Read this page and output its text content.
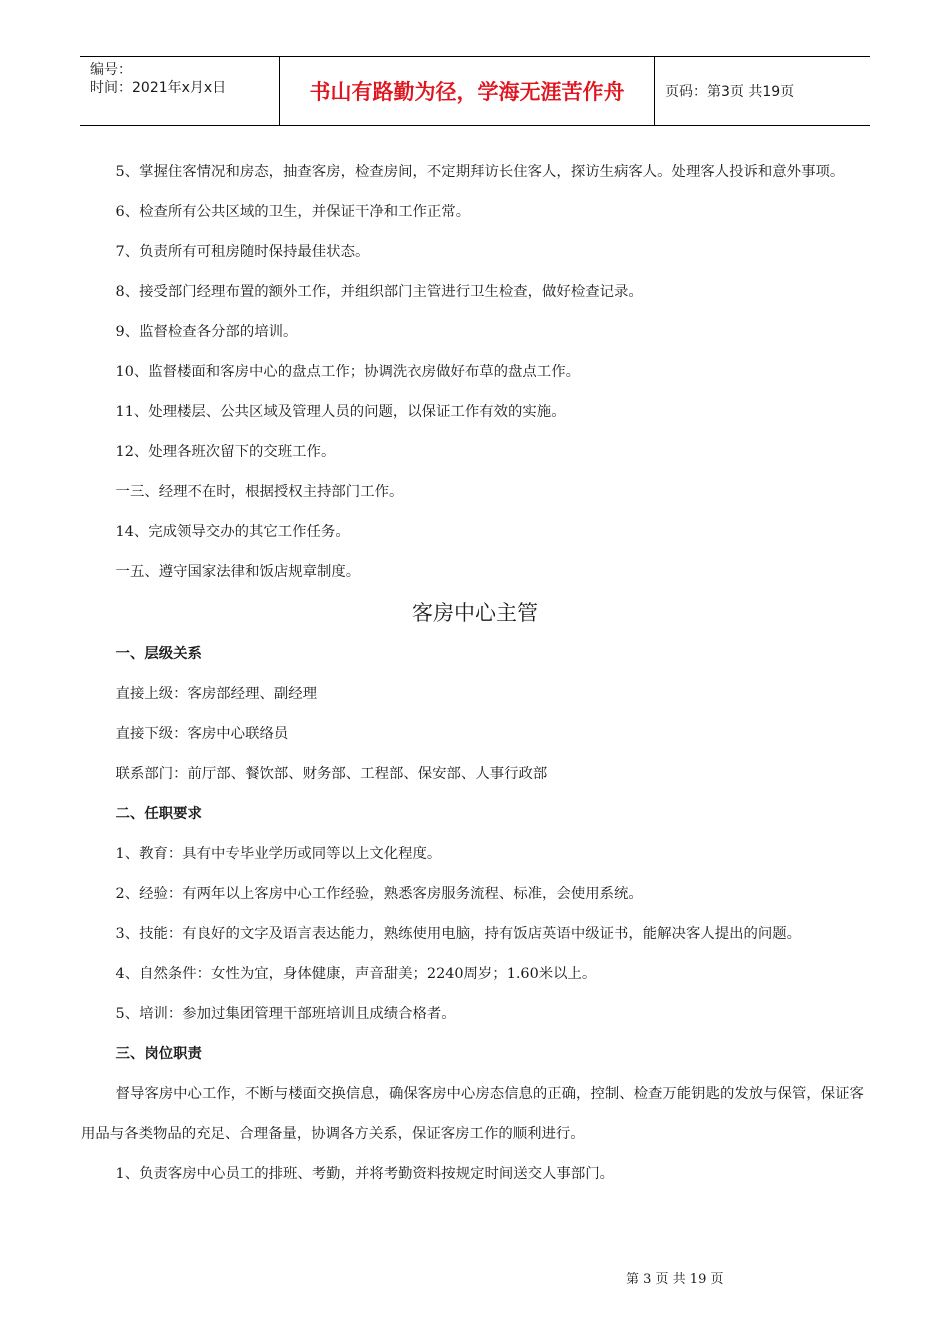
编号：
时间：2021年x月x日	书山有路勤为径，学海无涯苦作舟	页码：第3页 共19页

5、掌握住客情况和房态，抽查客房，检查房间，不定期拜访长住客人，探访生病客人。处理客人投诉和意外事项。

6、检查所有公共区域的卫生，并保证干净和工作正常。

7、负责所有可租房随时保持最佳状态。

8、接受部门经理布置的额外工作，并组织部门主管进行卫生检查，做好检查记录。

9、监督检查各分部的培训。

10、监督楼面和客房中心的盘点工作；协调洗衣房做好布草的盘点工作。

11、处理楼层、公共区域及管理人员的问题，以保证工作有效的实施。

12、处理各班次留下的交班工作。

一三、经理不在时，根据授权主持部门工作。

14、完成领导交办的其它工作任务。

一五、遵守国家法律和饭店规章制度。

客房中心主管
一、层级关系

直接上级：客房部经理、副经理

直接下级：客房中心联络员

联系部门：前厅部、餐饮部、财务部、工程部、保安部、人事行政部

二、任职要求

1、教育：具有中专毕业学历或同等以上文化程度。

2、经验：有两年以上客房中心工作经验，熟悉客房服务流程、标准，会使用系统。

3、技能：有良好的文字及语言表达能力，熟练使用电脑，持有饭店英语中级证书，能解决客人提出的问题。

4、自然条件：女性为宜，身体健康，声音甜美；2240周岁；1.60米以上。

5、培训：参加过集团管理干部班培训且成绩合格者。

三、岗位职责

督导客房中心工作，不断与楼面交换信息，确保客房中心房态信息的正确，控制、检查万能钥匙的发放与保管，保证客用品与各类物品的充足、合理备量，协调各方关系，保证客房工作的顺利进行。

1、负责客房中心员工的排班、考勤，并将考勤资料按规定时间送交人事部门。

第 3 页 共 19 页
